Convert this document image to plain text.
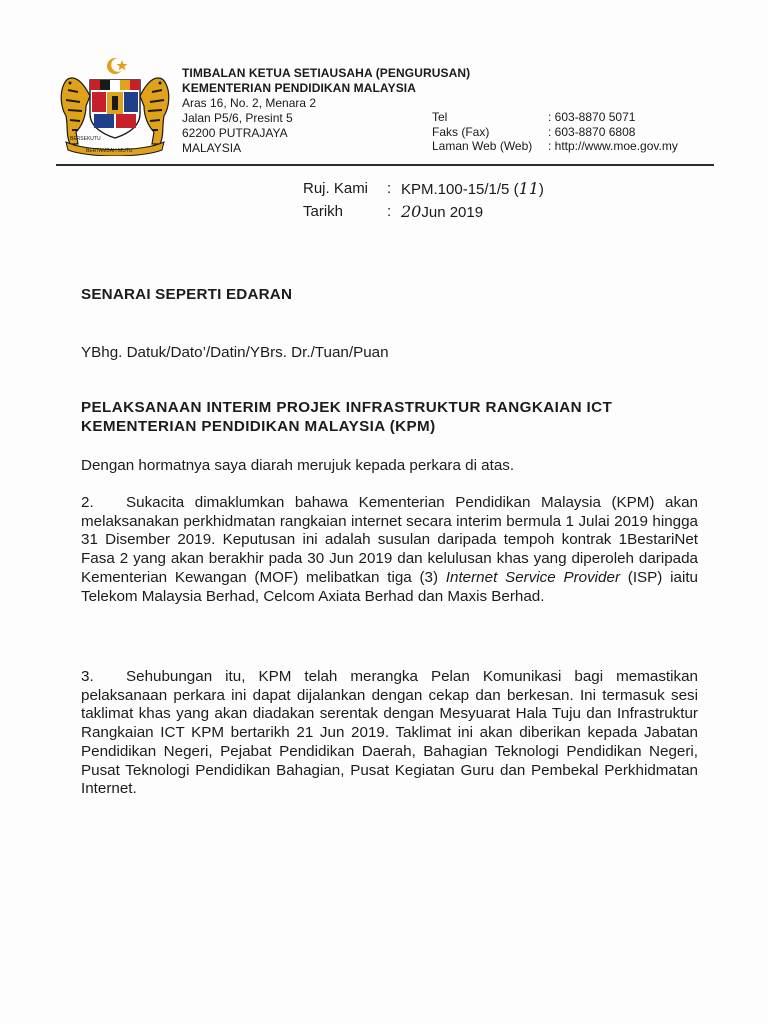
BERSEKUTU
BERTAMBAH MUTU
TIMBALAN KETUA SETIAUSAHA (PENGURUSAN)
KEMENTERIAN PENDIDIKAN MALAYSIA
Aras 16, No. 2, Menara 2
Jalan P5/6, Presint 5
62200 PUTRAJAYA
MALAYSIA
Tel	: 603-8870 5071
Faks (Fax)	: 603-8870 6808
Laman Web (Web)	: http://www.moe.gov.my
Ruj. Kami	: KPM.100-15/1/5 (11)
Tarikh	: 20Jun 2019
SENARAI SEPERTI EDARAN
YBhg. Datuk/Dato’/Datin/YBrs. Dr./Tuan/Puan
PELAKSANAAN INTERIM PROJEK INFRASTRUKTUR RANGKAIAN ICT KEMENTERIAN PENDIDIKAN MALAYSIA (KPM)
Dengan hormatnya saya diarah merujuk kepada perkara di atas.
2. Sukacita dimaklumkan bahawa Kementerian Pendidikan Malaysia (KPM) akan melaksanakan perkhidmatan rangkaian internet secara interim bermula 1 Julai 2019 hingga 31 Disember 2019. Keputusan ini adalah susulan daripada tempoh kontrak 1BestariNet Fasa 2 yang akan berakhir pada 30 Jun 2019 dan kelulusan khas yang diperoleh daripada Kementerian Kewangan (MOF) melibatkan tiga (3) Internet Service Provider (ISP) iaitu Telekom Malaysia Berhad, Celcom Axiata Berhad dan Maxis Berhad.
3. Sehubungan itu, KPM telah merangka Pelan Komunikasi bagi memastikan pelaksanaan perkara ini dapat dijalankan dengan cekap dan berkesan. Ini termasuk sesi taklimat khas yang akan diadakan serentak dengan Mesyuarat Hala Tuju dan Infrastruktur Rangkaian ICT KPM bertarikh 21 Jun 2019. Taklimat ini akan diberikan kepada Jabatan Pendidikan Negeri, Pejabat Pendidikan Daerah, Bahagian Teknologi Pendidikan Negeri, Pusat Teknologi Pendidikan Bahagian, Pusat Kegiatan Guru dan Pembekal Perkhidmatan Internet.
